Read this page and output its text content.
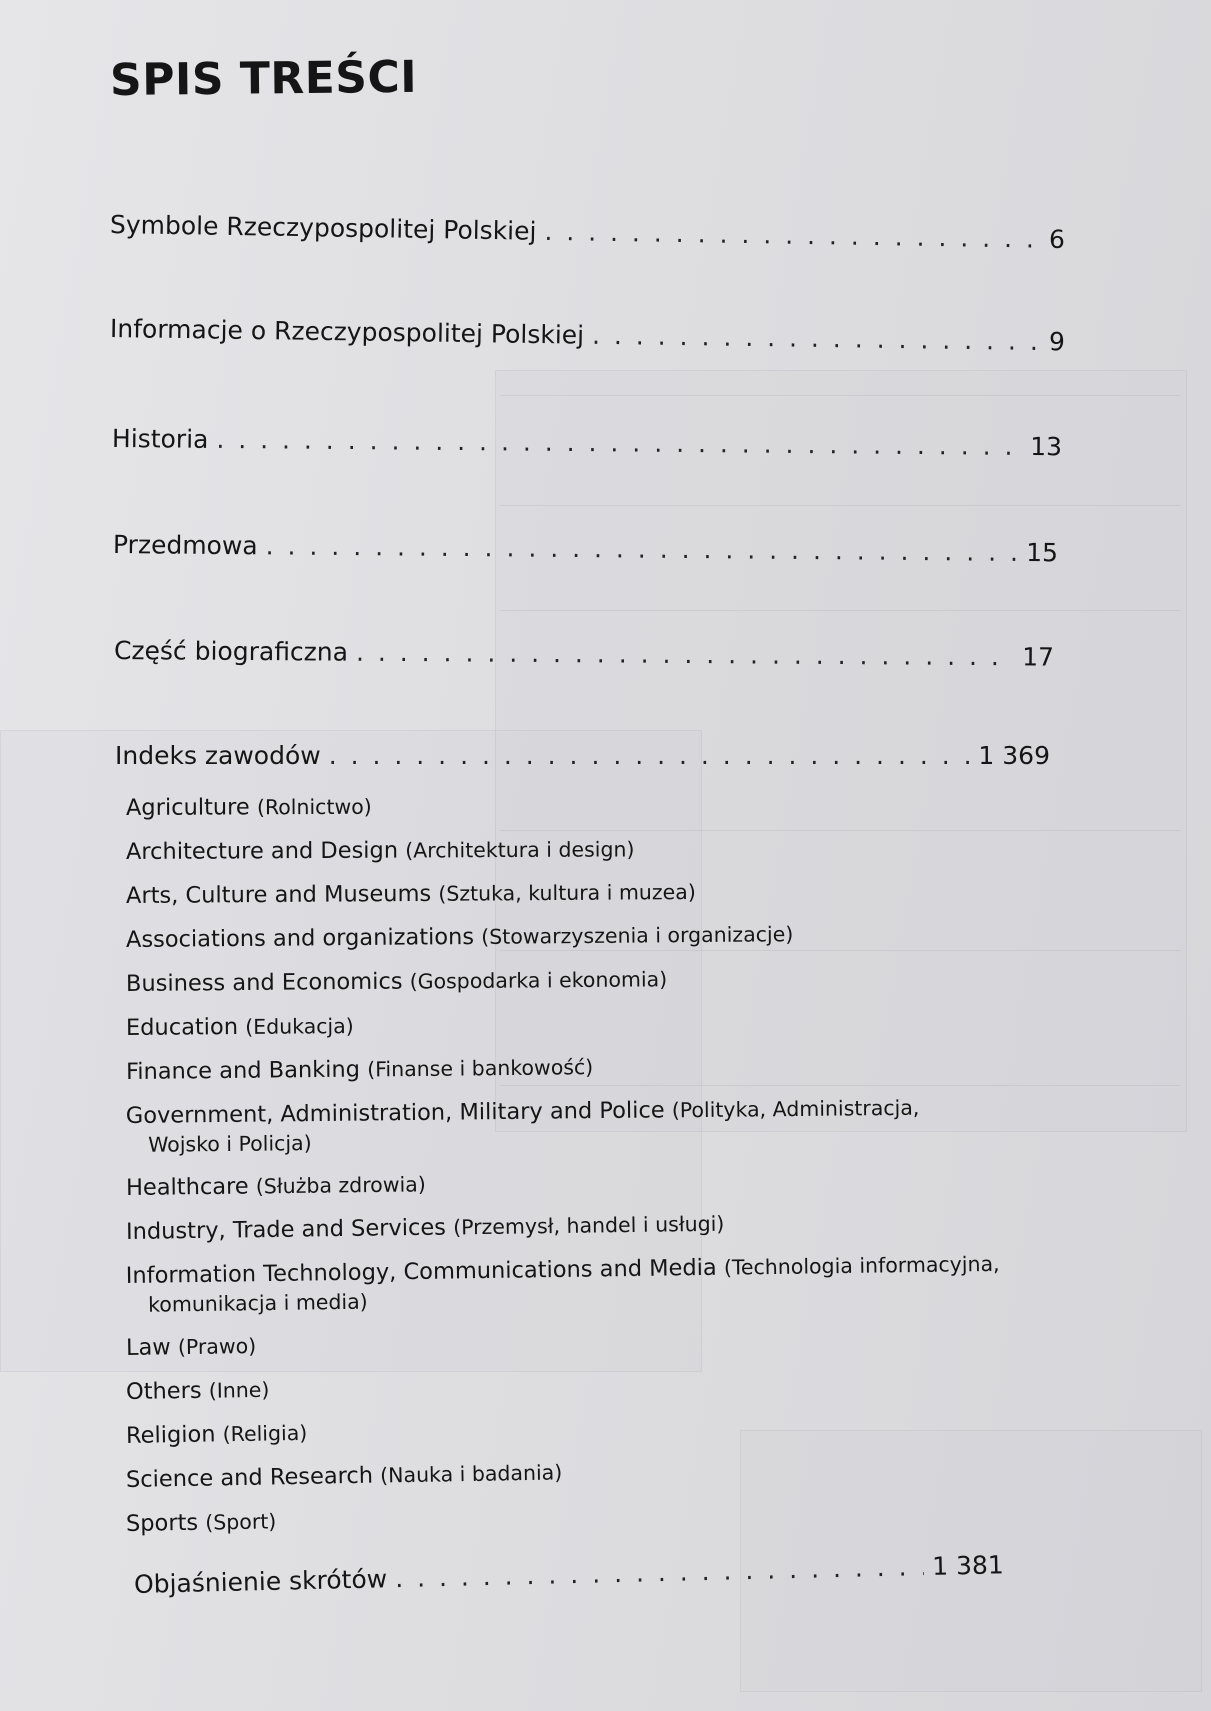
SPIS TREŚCI
Symbole Rzeczypospolitej Polskiej . . .	6
Informacje o Rzeczypospolitej Polskiej . . .	9
Historia . . .	13
Przedmowa . . .	15
Część biograficzna . . .	17
Indeks zawodów . . .	1 369
Agriculture (Rolnictwo)
Architecture and Design (Architektura i design)
Arts, Culture and Museums (Sztuka, kultura i muzea)
Associations and organizations (Stowarzyszenia i organizacje)
Business and Economics (Gospodarka i ekonomia)
Education (Edukacja)
Finance and Banking (Finanse i bankowość)
Government, Administration, Military and Police (Polityka, Administracja,
Wojsko i Policja)
Healthcare (Służba zdrowia)
Industry, Trade and Services (Przemysł, handel i usługi)
Information Technology, Communications and Media (Technologia informacyjna,
komunikacja i media)
Law (Prawo)
Others (Inne)
Religion (Religia)
Science and Research (Nauka i badania)
Sports (Sport)
Objaśnienie skrótów . . .	1 381
